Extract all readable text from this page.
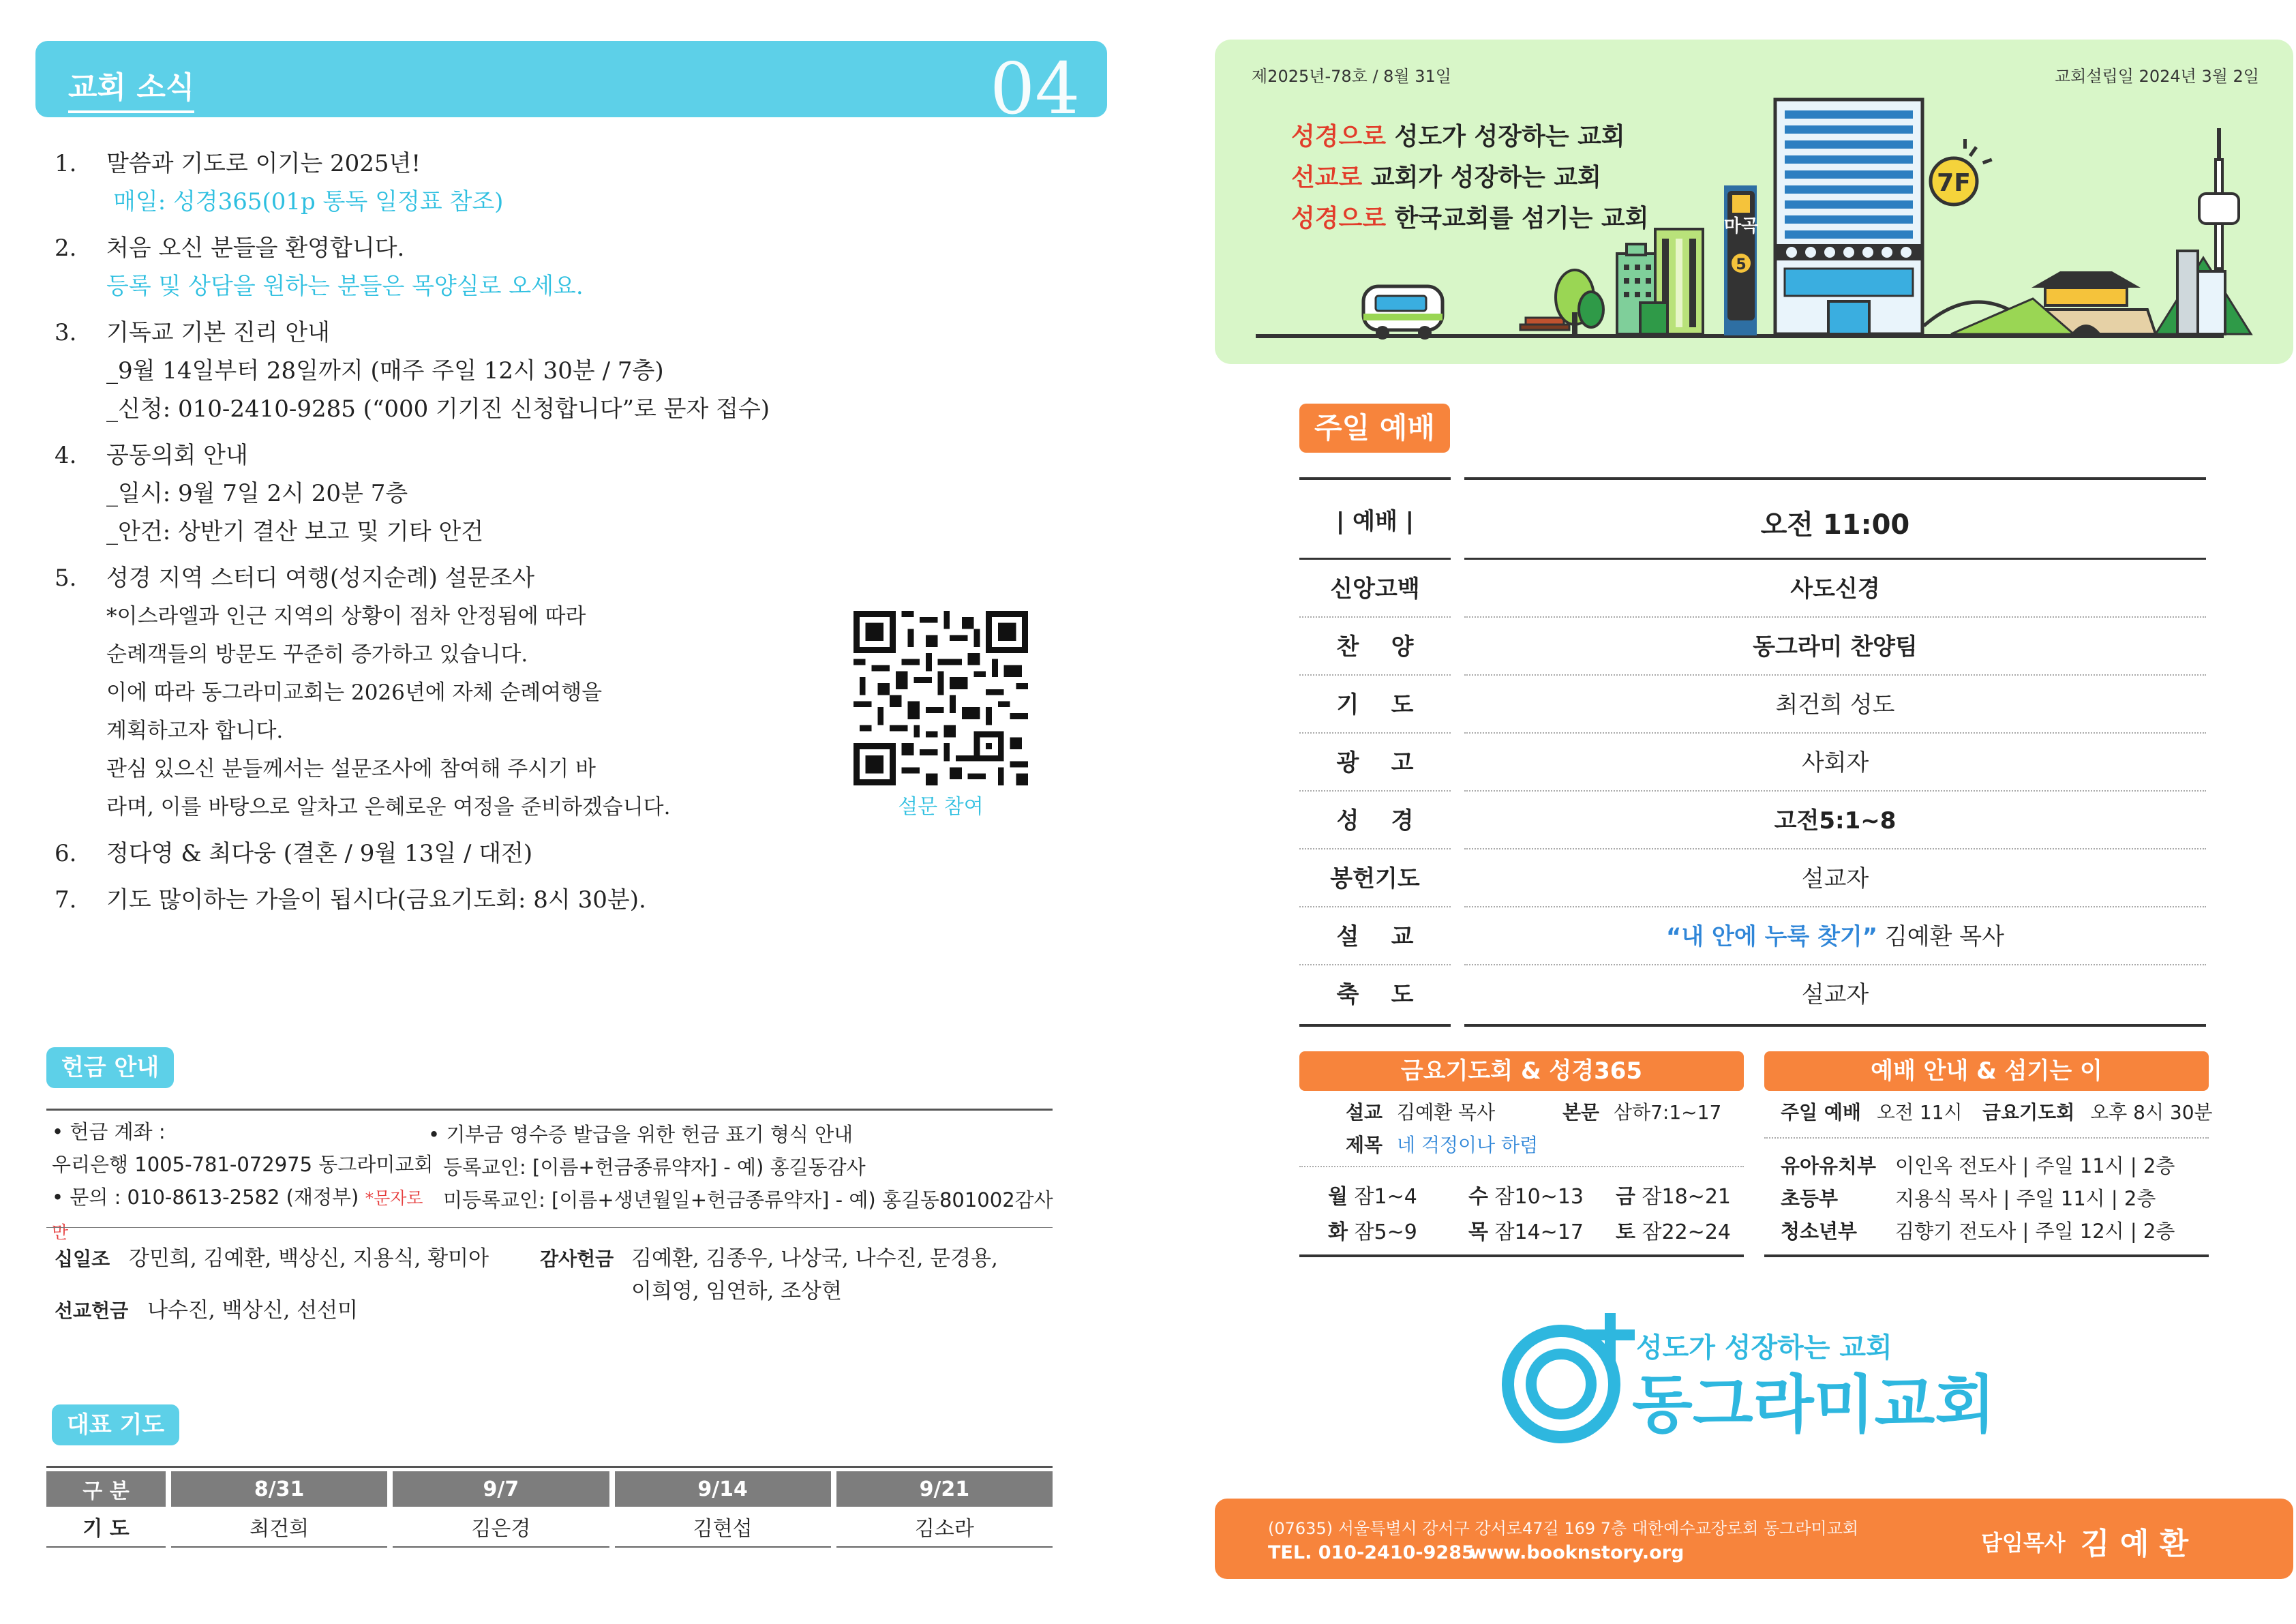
교회 소식	04
1. 말씀과 기도로 이기는 2025년!
매일: 성경365(01p 통독 일정표 참조)
2. 처음 오신 분들을 환영합니다.
등록 및 상담을 원하는 분들은 목양실로 오세요.
3. 기독교 기본 진리 안내
_9월 14일부터 28일까지 (매주 주일 12시 30분 / 7층)
_신청: 010-2410-9285 (“000 기기진 신청합니다”로 문자 접수)
4. 공동의회 안내
_일시: 9월 7일 2시 20분 7층
_안건: 상반기 결산 보고 및 기타 안건
5. 성경 지역 스터디 여행(성지순례) 설문조사
*이스라엘과 인근 지역의 상황이 점차 안정됨에 따라
순례객들의 방문도 꾸준히 증가하고 있습니다.
이에 따라 동그라미교회는 2026년에 자체 순례여행을
계획하고자 합니다.
관심 있으신 분들께서는 설문조사에 참여해 주시기 바
라며, 이를 바탕으로 알차고 은혜로운 여정을 준비하겠습니다.
6. 정다영 & 최다웅 (결혼 / 9월 13일 / 대전)
7. 기도 많이하는 가을이 됩시다(금요기도회: 8시 30분).
설문 참여
헌금 안내
• 헌금 계좌 :
우리은행 1005-781-072975 동그라미교회
• 문의 : 010-8613-2582 (재정부) *문자로만
• 기부금 영수증 발급을 위한 헌금 표기 형식 안내
등록교인: [이름+헌금종류약자] - 예) 홍길동감사
미등록교인: [이름+생년월일+헌금종류약자] - 예) 홍길동801002감사
십일조 강민희, 김예환, 백상신, 지용식, 황미아	감사헌금 김예환, 김종우, 나상국, 나수진, 문경용,
이희영, 임연하, 조상현
선교헌금 나수진, 백상신, 선선미
대표 기도
구 분	8/31	9/7	9/14	9/21
기 도	최건희	김은경	김현섭	김소라
마곡
5
7F
제2025년-78호 / 8월 31일	교회설립일 2024년 3월 2일
성경으로 성도가 성장하는 교회
선교로 교회가 성장하는 교회
성경으로 한국교회를 섬기는 교회
주일 예배
| 예배 |	오전 11:00
신앙고백	사도신경
찬    양	동그라미 찬양팀
기    도	최건희 성도
광    고	사회자
성    경	고전5:1~8
봉헌기도	설교자
설    교	“내 안에 누룩 찾기” 김예환 목사
축    도	설교자
금요기도회 & 성경365
설교 김예환 목사	본문 삼하7:1~17
제목 네 걱정이나 하렴
월 잠1~4	수 잠10~13 금 잠18~21
화 잠5~9	목 잠14~17 토 잠22~24
예배 안내 & 섬기는 이
주일 예배 오전 11시 금요기도회 오후 8시 30분
유아유치부 이인옥 전도사 | 주일 11시 | 2층
초등부	지용식 목사 | 주일 11시 | 2층
청소년부 김향기 전도사 | 주일 12시 | 2층
성도가 성장하는 교회
동그라미교회
(07635) 서울특별시 강서구 강서로47길 169 7층 대한예수교장로회 동그라미교회
TEL. 010-2410-9285
www.booknstory.org	담임목사 김 예 환
